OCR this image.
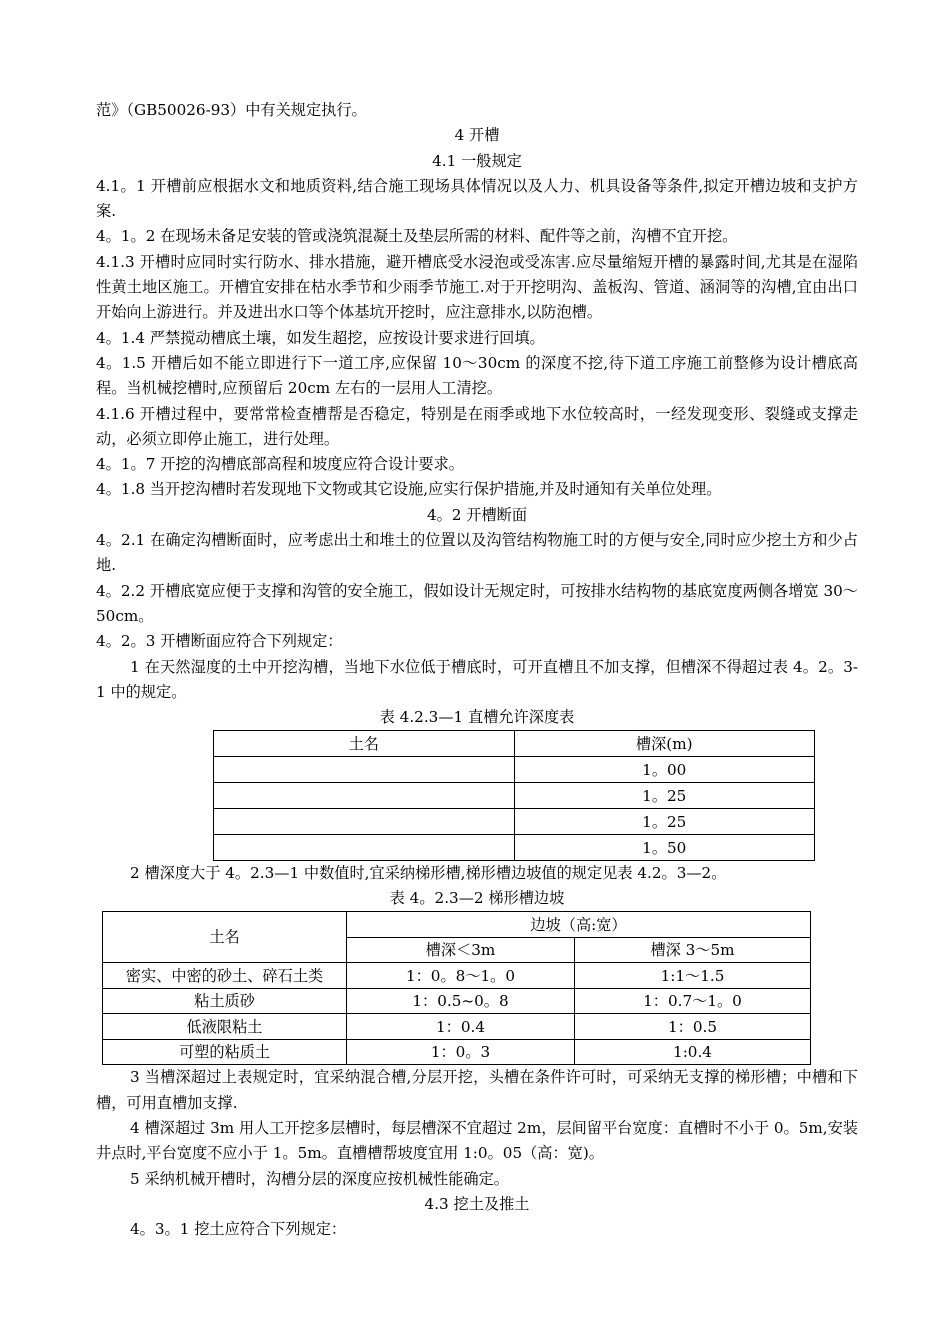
范》（GB50026-93）中有关规定执行。

4 开槽

4.1 一般规定

4.1。1 开槽前应根据水文和地质资料,结合施工现场具体情况以及人力、机具设备等条件,拟定开槽边坡和支护方案.

4。1。2 在现场未备足安装的管或浇筑混凝土及垫层所需的材料、配件等之前，沟槽不宜开挖。

4.1.3 开槽时应同时实行防水、排水措施，避开槽底受水浸泡或受冻害.应尽量缩短开槽的暴露时间,尤其是在湿陷性黄土地区施工。开槽宜安排在枯水季节和少雨季节施工.对于开挖明沟、盖板沟、管道、涵洞等的沟槽,宜由出口开始向上游进行。并及进出水口等个体基坑开挖时，应注意排水,以防泡槽。

4。1.4 严禁搅动槽底土壤，如发生超挖，应按设计要求进行回填。

4。1.5 开槽后如不能立即进行下一道工序,应保留 10～30cm 的深度不挖,待下道工序施工前整修为设计槽底高程。当机械挖槽时,应预留后 20cm 左右的一层用人工清挖。

4.1.6 开槽过程中，要常常检查槽帮是否稳定，特别是在雨季或地下水位较高时，一经发现变形、裂缝或支撑走动，必须立即停止施工，进行处理。

4。1。7 开挖的沟槽底部高程和坡度应符合设计要求。

4。1.8 当开挖沟槽时若发现地下文物或其它设施,应实行保护措施,并及时通知有关单位处理。

4。2 开槽断面

4。2.1 在确定沟槽断面时，应考虑出土和堆土的位置以及沟管结构物施工时的方便与安全,同时应少挖土方和少占地.

4。2.2 开槽底宽应便于支撑和沟管的安全施工，假如设计无规定时，可按排水结构物的基底宽度两侧各增宽 30～50cm。

4。2。3 开槽断面应符合下列规定：

1 在天然湿度的土中开挖沟槽，当地下水位低于槽底时，可开直槽且不加支撑，但槽深不得超过表 4。2。3-1 中的规定。

表 4.2.3—1 直槽允许深度表

土名	槽深(m)
	1。00
	1。25
	1。25
	1。50

2 槽深度大于 4。2.3—1 中数值时,宜采纳梯形槽,梯形槽边坡值的规定见表 4.2。3—2。

表 4。2.3—2 梯形槽边坡

土名	边坡（高:宽）	
	槽深＜3m	槽深 3～5m
密实、中密的砂土、碎石土类	1：0。8～1。0	1:1～1.5
粘土质砂	1：0.5~0。8	1：0.7～1。0
低液限粘土	1：0.4	1：0.5
可塑的粘质土	1：0。3	1:0.4

3 当槽深超过上表规定时，宜采纳混合槽,分层开挖，头槽在条件许可时，可采纳无支撑的梯形槽；中槽和下槽，可用直槽加支撑.

4 槽深超过 3m 用人工开挖多层槽时，每层槽深不宜超过 2m，层间留平台宽度：直槽时不小于 0。5m,安装井点时,平台宽度不应小于 1。5m。直槽槽帮坡度宜用 1:0。05（高：宽)。

5 采纳机械开槽时，沟槽分层的深度应按机械性能确定。

4.3 挖土及推土

4。3。1 挖土应符合下列规定：
